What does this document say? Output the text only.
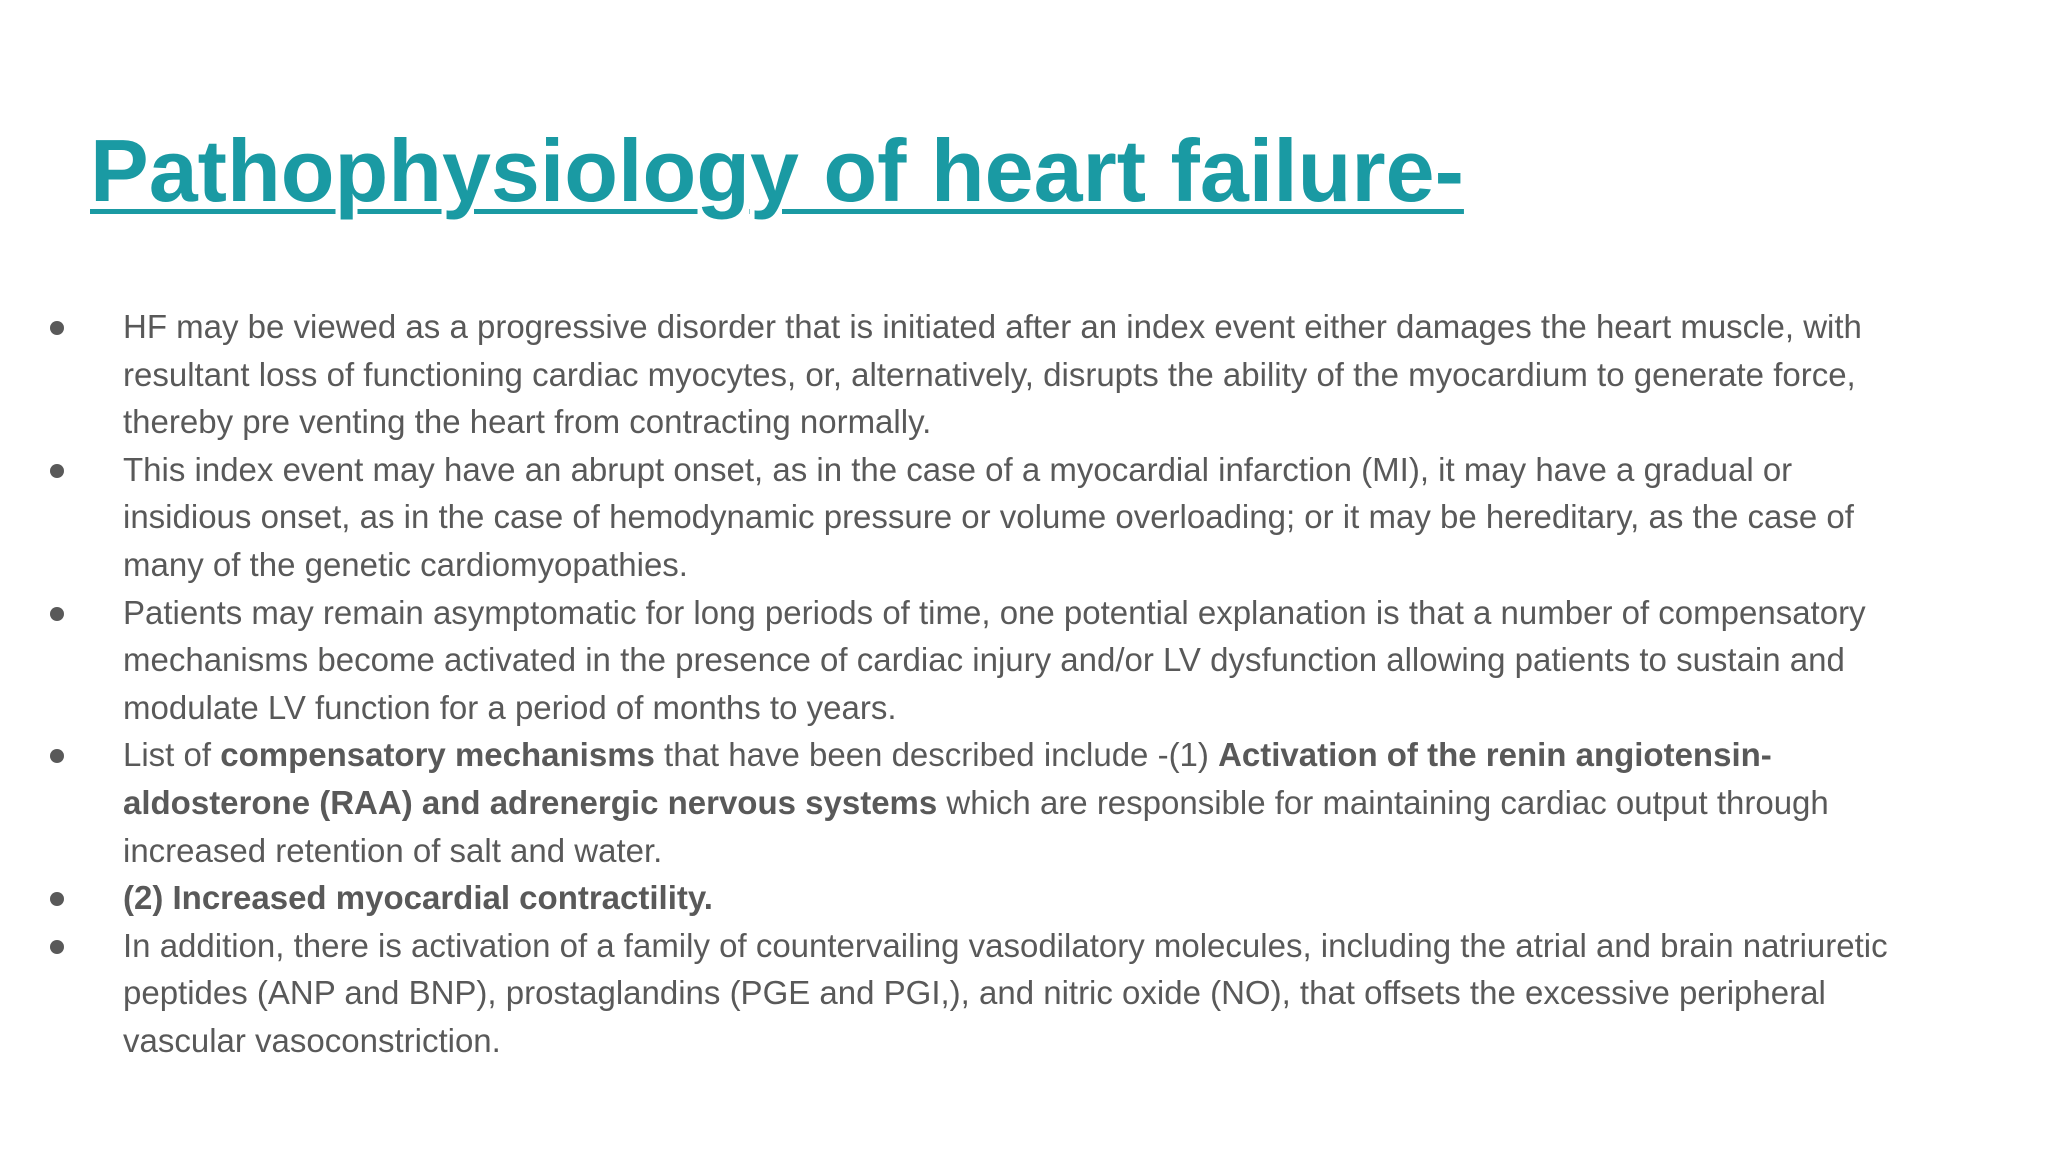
Pathophysiology of heart failure-
HF may be viewed as a progressive disorder that is initiated after an index event either damages the heart muscle, with resultant loss of functioning cardiac myocytes, or, alternatively, disrupts the ability of the myocardium to generate force, thereby pre venting the heart from contracting normally.
This index event may have an abrupt onset, as in the case of a myocardial infarction (MI), it may have a gradual or insidious onset, as in the case of hemodynamic pressure or volume overloading; or it may be hereditary, as the case of many of the genetic cardiomyopathies.
Patients may remain asymptomatic for long periods of time, one potential explanation is that a number of compensatory mechanisms become activated in the presence of cardiac injury and/or LV dysfunction allowing patients to sustain and modulate LV function for a period of months to years.
List of compensatory mechanisms that have been described include -(1) Activation of the renin angiotensin-aldosterone (RAA) and adrenergic nervous systems which are responsible for maintaining cardiac output through increased retention of salt and water.
(2) Increased myocardial contractility.
In addition, there is activation of a family of countervailing vasodilatory molecules, including the atrial and brain natriuretic peptides (ANP and BNP), prostaglandins (PGE and PGI,), and nitric oxide (NO), that offsets the excessive peripheral vascular vasoconstriction.
